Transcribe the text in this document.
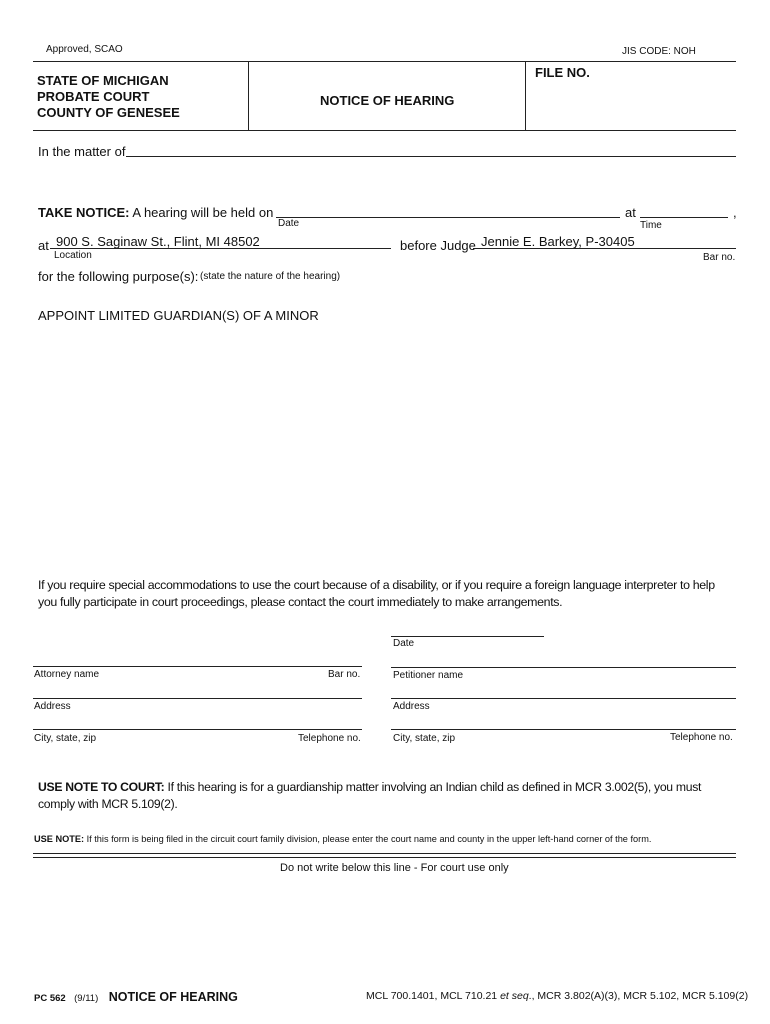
Approved, SCAO	JIS CODE: NOH
STATE OF MICHIGAN
PROBATE COURT
COUNTY OF GENESEE
NOTICE OF HEARING
FILE NO.
In the matter of
TAKE NOTICE: A hearing will be held on
Date
at
Time
,
at 900 S. Saginaw St., Flint, MI 48502
Location
before Judge Jennie E. Barkey, P-30405
Bar no.
for the following purpose(s): (state the nature of the hearing)
APPOINT LIMITED GUARDIAN(S) OF A MINOR
If you require special accommodations to use the court because of a disability, or if you require a foreign language interpreter to help
you fully participate in court proceedings, please contact the court immediately to make arrangements.
Date
Attorney name	Bar no.	Petitioner name
Address	Address
City, state, zip	Telephone no.	City, state, zip	Telephone no.
USE NOTE TO COURT: If this hearing is for a guardianship matter involving an Indian child as defined in MCR 3.002(5), you must
comply with MCR 5.109(2).
USE NOTE: If this form is being filed in the circuit court family division, please enter the court name and county in the upper left-hand corner of the form.
Do not write below this line - For court use only
PC 562 (9/11) NOTICE OF HEARING	MCL 700.1401, MCL 710.21 et seq., MCR 3.802(A)(3), MCR 5.102, MCR 5.109(2)
